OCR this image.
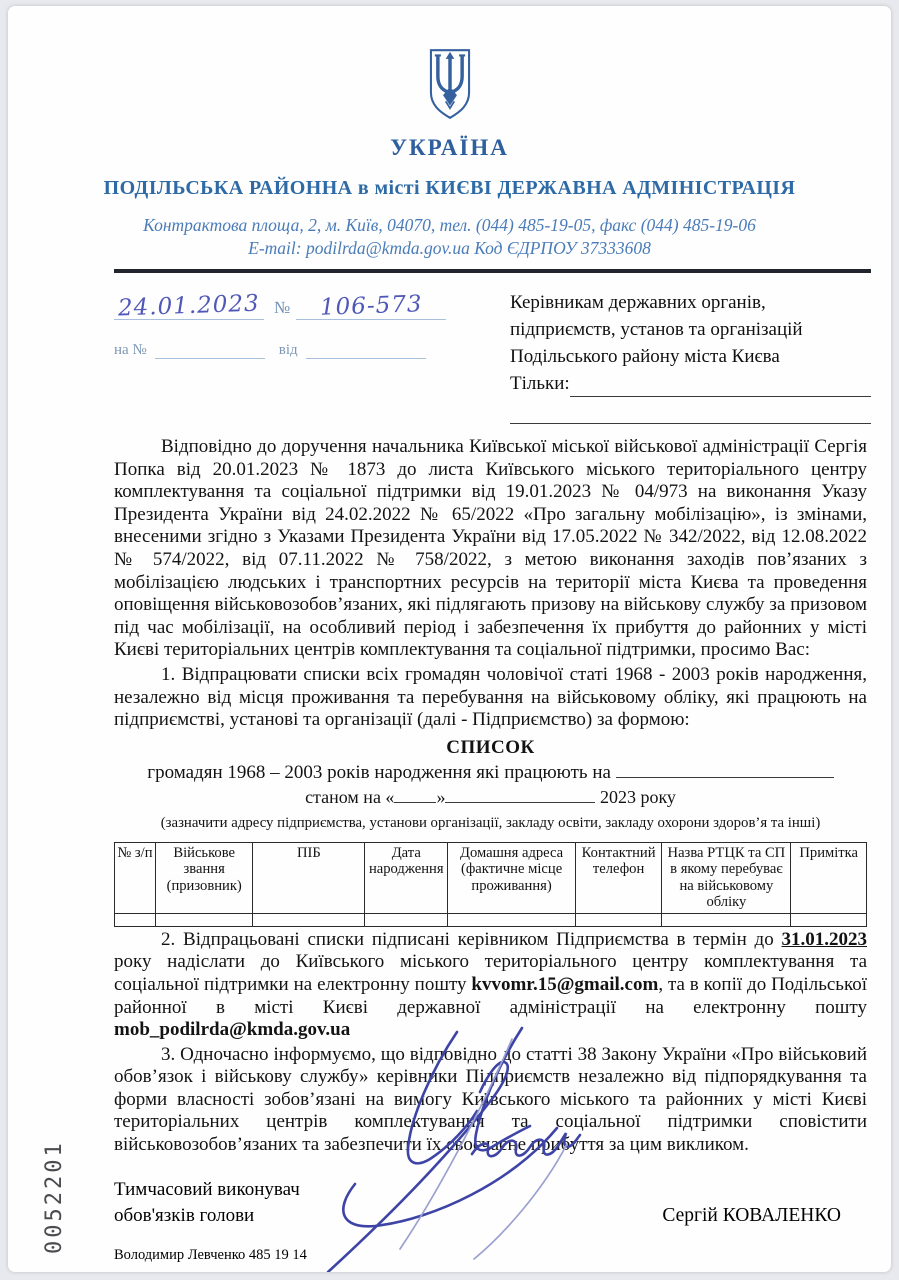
УКРАЇНА
ПОДІЛЬСЬКА РАЙОННА в місті КИЄВІ ДЕРЖАВНА АДМІНІСТРАЦІЯ
Контрактова площа, 2, м. Київ, 04070, тел. (044) 485-19-05, факс (044) 485-19-06
E-mail: podilrda@kmda.gov.ua Код ЄДРПОУ 37333608
24.01.2023 №	106-573
на №	від
Керівникам державних органів,
підприємств, установ та організацій
Подільського району міста Києва
Тільки:

Відповідно до доручення начальника Київської міської військової адміністрації Сергія Попка від 20.01.2023 № 1873 до листа Київського міського територіального центру комплектування та соціальної підтримки від 19.01.2023 № 04/973 на виконання Указу Президента України від 24.02.2022 № 65/2022 «Про загальну мобілізацію», із змінами, внесеними згідно з Указами Президента України від 17.05.2022 № 342/2022, від 12.08.2022 № 574/2022, від 07.11.2022 № 758/2022, з метою виконання заходів пов’язаних з мобілізацією людських і транспортних ресурсів на території міста Києва та проведення оповіщення військовозобов’язаних, які підлягають призову на військову службу за призовом під час мобілізації, на особливий період і забезпечення їх прибуття до районних у місті Києві територіальних центрів комплектування та соціальної підтримки, просимо Вас:

1. Відпрацювати списки всіх громадян чоловічої статі 1968 - 2003 років народження, незалежно від місця проживання та перебування на військовому обліку, які працюють на підприємстві, установі та організації (далі - Підприємство) за формою:

СПИСОК
громадян 1968 – 2003 років народження які працюють на
станом на « »	2023 року
(зазначити адресу підприємства, установи організації, закладу освіти, закладу охорони здоров’я та інші)
№ з/п	Військове звання (призовник)	ПІБ	Дата народження	Домашня адреса (фактичне місце проживання)	Контактний телефон	Назва РТЦК та СП в якому перебуває на військовому обліку	Примітка

2. Відпрацьовані списки підписані керівником Підприємства в термін до 31.01.2023 року надіслати до Київського міського територіального центру комплектування та соціальної підтримки на електронну пошту kvvomr.15@gmail.com, та в копії до Подільської районної в місті Києві державної адміністрації на електронну пошту mob_podilrda@kmda.gov.ua

3. Одночасно інформуємо, що відповідно до статті 38 Закону України «Про військовий обов’язок і військову службу» керівники Підприємств незалежно від підпорядкування та форми власності зобов’язані на вимогу Київського міського та районних у місті Києві територіальних центрів комплектування та соціальної підтримки сповістити військовозобов’язаних та забезпечити їх своєчасне прибуття за цим викликом.

Тимчасовий виконувач
обов'язків голови	Сергій КОВАЛЕНКО
Володимир Левченко 485 19 14
0052201
